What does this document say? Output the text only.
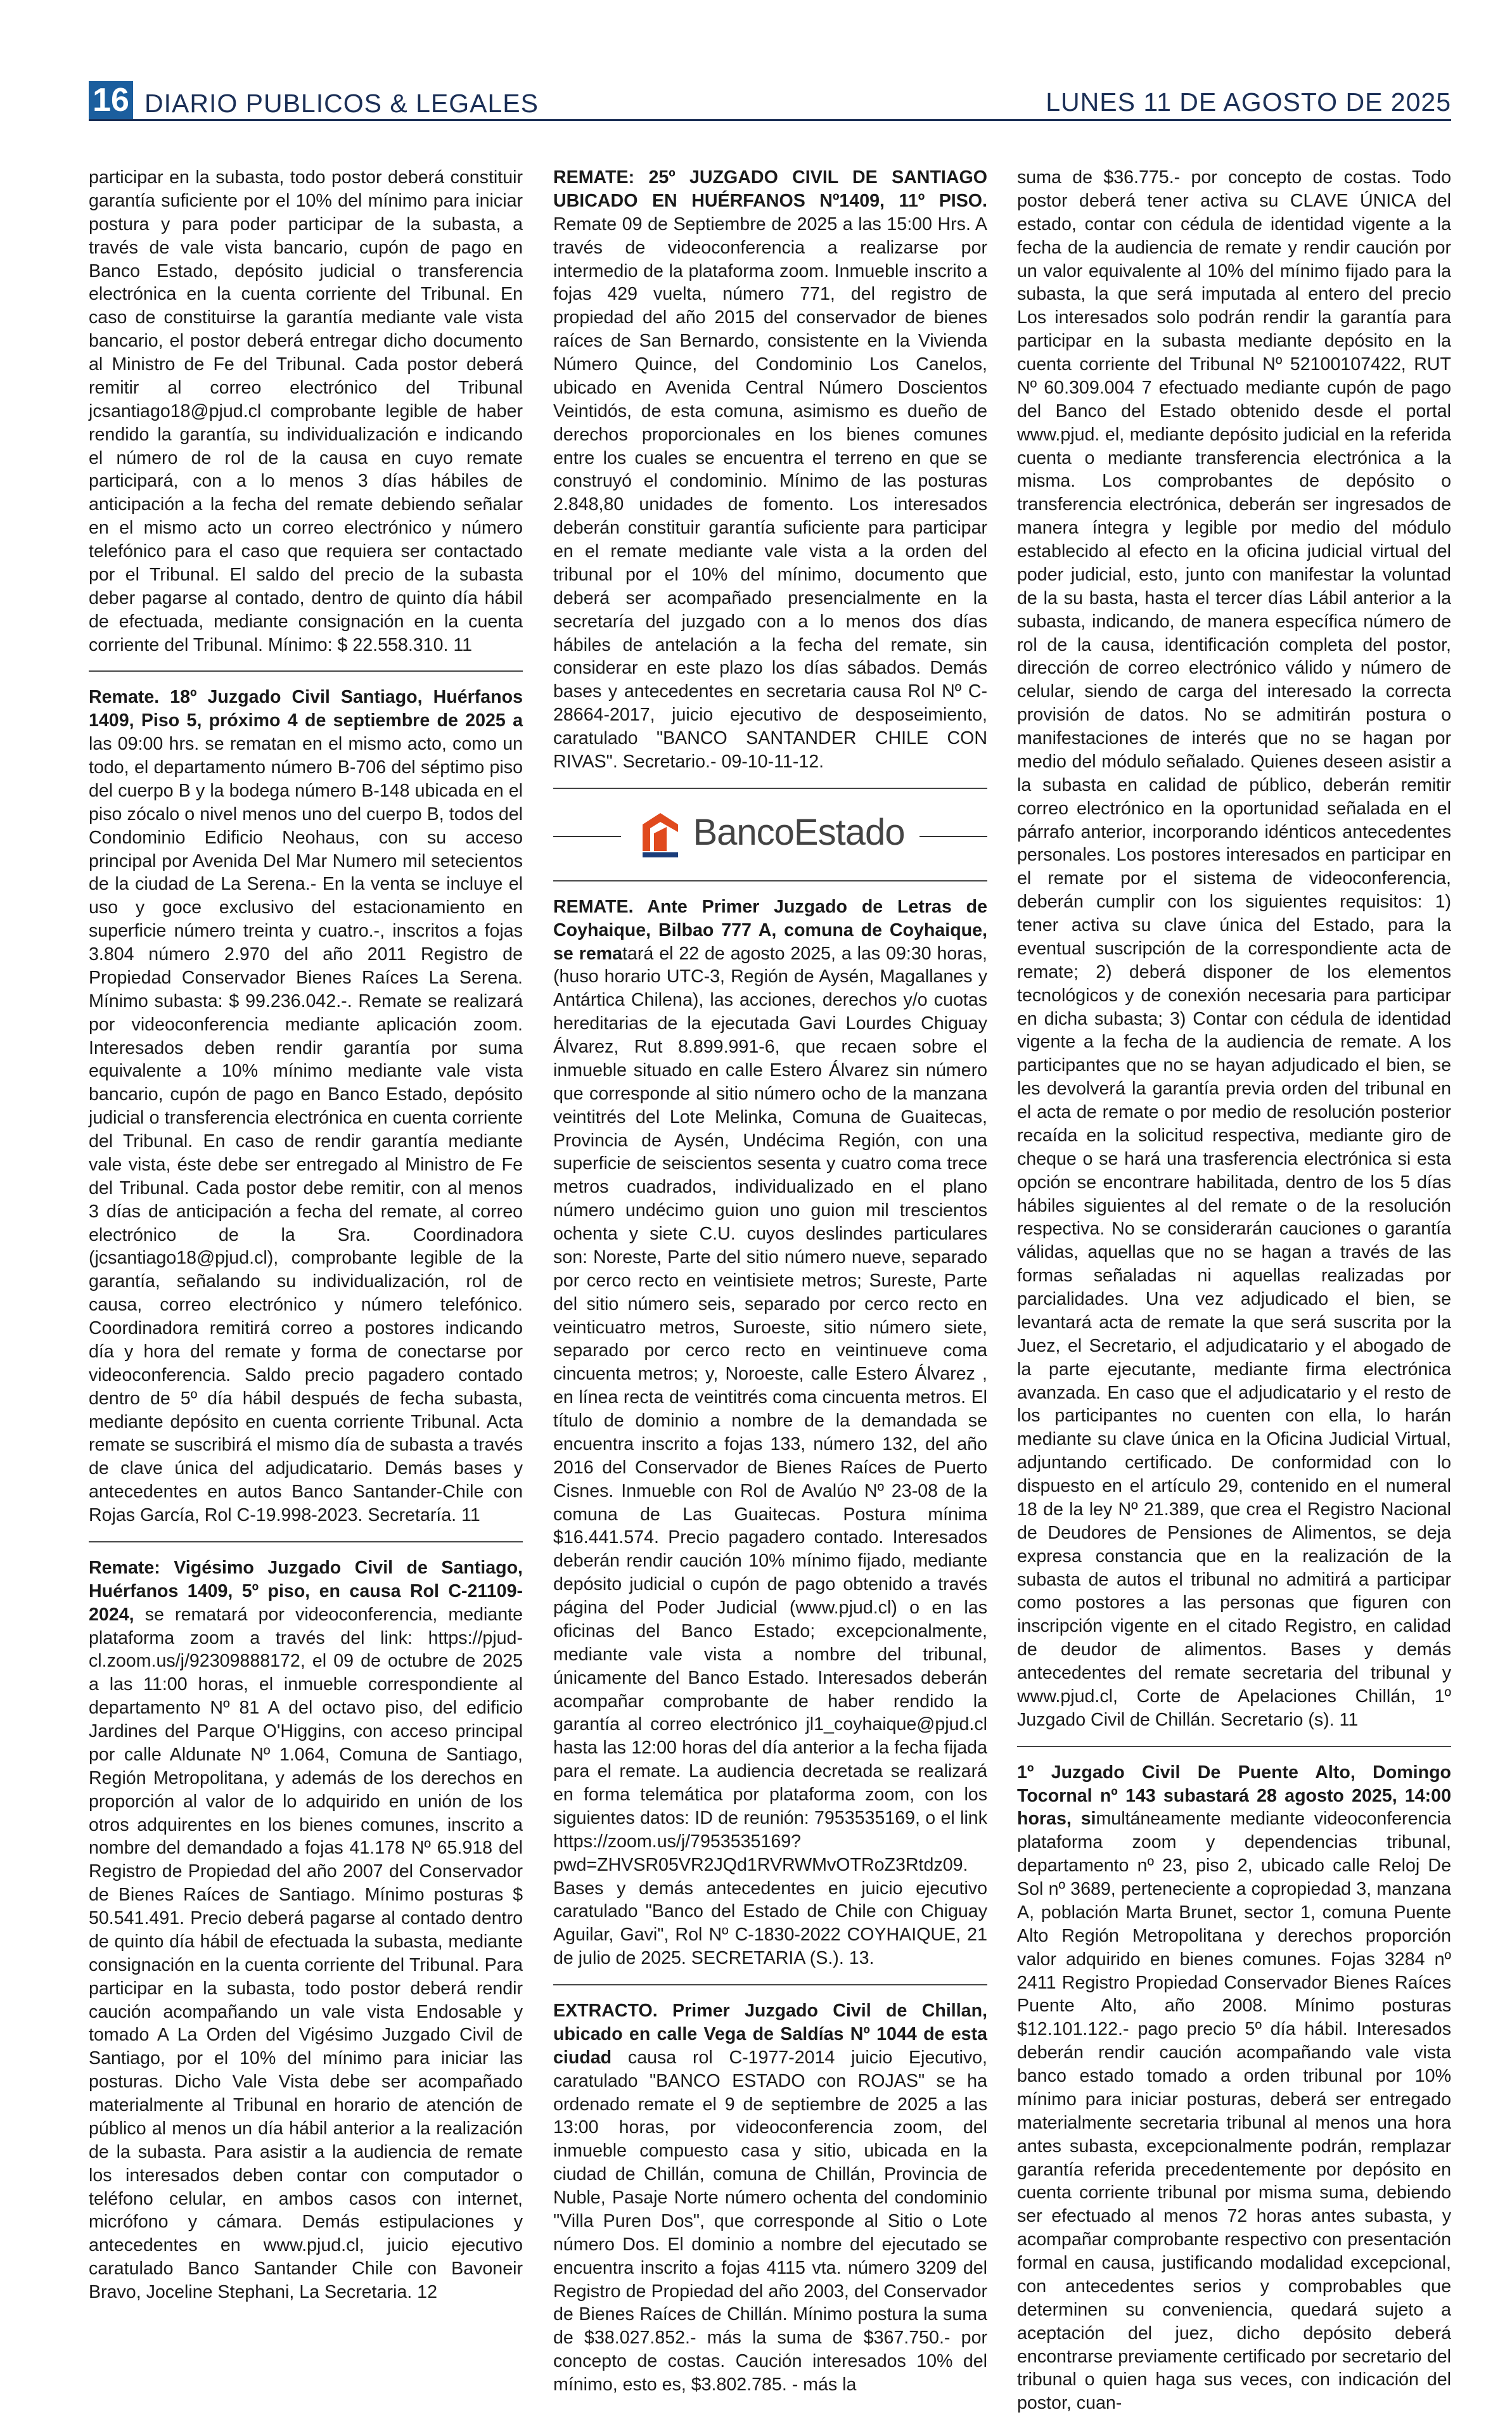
16 DIARIO PUBLICOS & LEGALES	LUNES 11 DE AGOSTO DE 2025

participar en la subasta, todo postor deberá constituir garantía suficiente por el 10% del mínimo para iniciar postura y para poder participar de la subasta, a través de vale vista bancario, cupón de pago en Banco Estado, depósito judicial o transferencia electrónica en la cuenta corriente del Tribunal. En caso de constituirse la garantía mediante vale vista bancario, el postor deberá entregar dicho documento al Ministro de Fe del Tribunal. Cada postor deberá remitir al correo electrónico del Tribunal jcsantiago18@pjud.cl comprobante legible de haber rendido la garantía, su individualización e indicando el número de rol de la causa en cuyo remate participará, con a lo menos 3 días hábiles de anticipación a la fecha del remate debiendo señalar en el mismo acto un correo electrónico y número telefónico para el caso que requiera ser contactado por el Tribunal. El saldo del precio de la subasta deber pagarse al contado, dentro de quinto día hábil de efectuada, mediante consignación en la cuenta corriente del Tribunal. Mínimo: $ 22.558.310. 11

Remate. 18º Juzgado Civil Santiago, Huérfanos 1409, Piso 5, próximo 4 de septiembre de 2025 a las 09:00 hrs. se rematan en el mismo acto, como un todo, el departamento número B-706 del séptimo piso del cuerpo B y la bodega número B-148 ubicada en el piso zócalo o nivel menos uno del cuerpo B, todos del Condominio Edificio Neohaus, con su acceso principal por Avenida Del Mar Numero mil setecientos de la ciudad de La Serena.- En la venta se incluye el uso y goce exclusivo del estacionamiento en superficie número treinta y cuatro.-, inscritos a fojas 3.804 número 2.970 del año 2011 Registro de Propiedad Conservador Bienes Raíces La Serena. Mínimo subasta: $ 99.236.042.-. Remate se realizará por videoconferencia mediante aplicación zoom. Interesados deben rendir garantía por suma equivalente a 10% mínimo mediante vale vista bancario, cupón de pago en Banco Estado, depósito judicial o transferencia electrónica en cuenta corriente del Tribunal. En caso de rendir garantía mediante vale vista, éste debe ser entregado al Ministro de Fe del Tribunal. Cada postor debe remitir, con al menos 3 días de anticipación a fecha del remate, al correo electrónico de la Sra. Coordinadora (jcsantiago18@pjud.cl), comprobante legible de la garantía, señalando su individualización, rol de causa, correo electrónico y número telefónico. Coordinadora remitirá correo a postores indicando día y hora del remate y forma de conectarse por videoconferencia. Saldo precio pagadero contado dentro de 5º día hábil después de fecha subasta, mediante depósito en cuenta corriente Tribunal. Acta remate se suscribirá el mismo día de subasta a través de clave única del adjudicatario. Demás bases y antecedentes en autos Banco Santander-Chile con Rojas García, Rol C-19.998-2023. Secretaría. 11

Remate: Vigésimo Juzgado Civil de Santiago, Huérfanos 1409, 5º piso, en causa Rol C-21109-2024, se rematará por videoconferencia, mediante plataforma zoom a través del link: https://pjud-cl.zoom.us/j/92309888172, el 09 de octubre de 2025 a las 11:00 horas, el inmueble correspondiente al departamento Nº 81 A del octavo piso, del edificio Jardines del Parque O'Higgins, con acceso principal por calle Aldunate Nº 1.064, Comuna de Santiago, Región Metropolitana, y además de los derechos en proporción al valor de lo adquirido en unión de los otros adquirentes en los bienes comunes, inscrito a nombre del demandado a fojas 41.178 Nº 65.918 del Registro de Propiedad del año 2007 del Conservador de Bienes Raíces de Santiago. Mínimo posturas $ 50.541.491. Precio deberá pagarse al contado dentro de quinto día hábil de efectuada la subasta, mediante consignación en la cuenta corriente del Tribunal. Para participar en la subasta, todo postor deberá rendir caución acompañando un vale vista Endosable y tomado A La Orden del Vigésimo Juzgado Civil de Santiago, por el 10% del mínimo para iniciar las posturas. Dicho Vale Vista debe ser acompañado materialmente al Tribunal en horario de atención de público al menos un día hábil anterior a la realización de la subasta. Para asistir a la audiencia de remate los interesados deben contar con computador o teléfono celular, en ambos casos con internet, micrófono y cámara. Demás estipulaciones y antecedentes en www.pjud.cl, juicio ejecutivo caratulado Banco Santander Chile con Bavoneir Bravo, Joceline Stephani, La Secretaria. 12

REMATE: 25º JUZGADO CIVIL DE SANTIAGO UBICADO EN HUÉRFANOS Nº1409, 11º PISO. Remate 09 de Septiembre de 2025 a las 15:00 Hrs. A través de videoconferencia a realizarse por intermedio de la plataforma zoom. Inmueble inscrito a fojas 429 vuelta, número 771, del registro de propiedad del año 2015 del conservador de bienes raíces de San Bernardo, consistente en la Vivienda Número Quince, del Condominio Los Canelos, ubicado en Avenida Central Número Doscientos Veintidós, de esta comuna, asimismo es dueño de derechos proporcionales en los bienes comunes entre los cuales se encuentra el terreno en que se construyó el condominio. Mínimo de las posturas 2.848,80 unidades de fomento. Los interesados deberán constituir garantía suficiente para participar en el remate mediante vale vista a la orden del tribunal por el 10% del mínimo, documento que deberá ser acompañado presencialmente en la secretaría del juzgado con a lo menos dos días hábiles de antelación a la fecha del remate, sin considerar en este plazo los días sábados. Demás bases y antecedentes en secretaria causa Rol Nº C-28664-2017, juicio ejecutivo de desposeimiento, caratulado "BANCO SANTANDER CHILE CON RIVAS". Secretario.- 09-10-11-12.

BancoEstado

REMATE. Ante Primer Juzgado de Letras de Coyhaique, Bilbao 777 A, comuna de Coyhaique, se rematará el 22 de agosto 2025, a las 09:30 horas, (huso horario UTC-3, Región de Aysén, Magallanes y Antártica Chilena), las acciones, derechos y/o cuotas hereditarias de la ejecutada Gavi Lourdes Chiguay Álvarez, Rut 8.899.991-6, que recaen sobre el inmueble situado en calle Estero Álvarez sin número que corresponde al sitio número ocho de la manzana veintitrés del Lote Melinka, Comuna de Guaitecas, Provincia de Aysén, Undécima Región, con una superficie de seiscientos sesenta y cuatro coma trece metros cuadrados, individualizado en el plano número undécimo guion uno guion mil trescientos ochenta y siete C.U. cuyos deslindes particulares son: Noreste, Parte del sitio número nueve, separado por cerco recto en veintisiete metros; Sureste, Parte del sitio número seis, separado por cerco recto en veinticuatro metros, Suroeste, sitio número siete, separado por cerco recto en veintinueve coma cincuenta metros; y, Noroeste, calle Estero Álvarez , en línea recta de veintitrés coma cincuenta metros. El título de dominio a nombre de la demandada se encuentra inscrito a fojas 133, número 132, del año 2016 del Conservador de Bienes Raíces de Puerto Cisnes. Inmueble con Rol de Avalúo Nº 23-08 de la comuna de Las Guaitecas. Postura mínima $16.441.574. Precio pagadero contado. Interesados deberán rendir caución 10% mínimo fijado, mediante depósito judicial o cupón de pago obtenido a través página del Poder Judicial (www.pjud.cl) o en las oficinas del Banco Estado; excepcionalmente, mediante vale vista a nombre del tribunal, únicamente del Banco Estado. Interesados deberán acompañar comprobante de haber rendido la garantía al correo electrónico jl1_coyhaique@pjud.cl hasta las 12:00 horas del día anterior a la fecha fijada para el remate. La audiencia decretada se realizará en forma telemática por plataforma zoom, con los siguientes datos: ID de reunión: 7953535169, o el link https://zoom.us/j/7953535169?pwd=ZHVSR05VR2JQd1RVRWMvOTRoZ3Rtdz09. Bases y demás antecedentes en juicio ejecutivo caratulado "Banco del Estado de Chile con Chiguay Aguilar, Gavi", Rol Nº C-1830-2022 COYHAIQUE, 21 de julio de 2025. SECRETARIA (S.). 13.

EXTRACTO. Primer Juzgado Civil de Chillan, ubicado en calle Vega de Saldías Nº 1044 de esta ciudad causa rol C-1977-2014 juicio Ejecutivo, caratulado "BANCO ESTADO con ROJAS" se ha ordenado remate el 9 de septiembre de 2025 a las 13:00 horas, por videoconferencia zoom, del inmueble compuesto casa y sitio, ubicada en la ciudad de Chillán, comuna de Chillán, Provincia de Nuble, Pasaje Norte número ochenta del condominio "Villa Puren Dos", que corresponde al Sitio o Lote número Dos. El dominio a nombre del ejecutado se encuentra inscrito a fojas 4115 vta. número 3209 del Registro de Propiedad del año 2003, del Conservador de Bienes Raíces de Chillán. Mínimo postura la suma de $38.027.852.- más la suma de $367.750.- por concepto de costas. Caución interesados 10% del mínimo, esto es, $3.802.785. - más la

suma de $36.775.- por concepto de costas. Todo postor deberá tener activa su CLAVE ÚNICA del estado, contar con cédula de identidad vigente a la fecha de la audiencia de remate y rendir caución por un valor equivalente al 10% del mínimo fijado para la subasta, la que será imputada al entero del precio Los interesados solo podrán rendir la garantía para participar en la subasta mediante depósito en la cuenta corriente del Tribunal Nº 52100107422, RUT Nº 60.309.004 7 efectuado mediante cupón de pago del Banco del Estado obtenido desde el portal www.pjud. el, mediante depósito judicial en la referida cuenta o mediante transferencia electrónica a la misma. Los comprobantes de depósito o transferencia electrónica, deberán ser ingresados de manera íntegra y legible por medio del módulo establecido al efecto en la oficina judicial virtual del poder judicial, esto, junto con manifestar la voluntad de la su basta, hasta el tercer días Lábil anterior a la subasta, indicando, de manera específica número de rol de la causa, identificación completa del postor, dirección de correo electrónico válido y número de celular, siendo de carga del interesado la correcta provisión de datos. No se admitirán postura o manifestaciones de interés que no se hagan por medio del módulo señalado. Quienes deseen asistir a la subasta en calidad de público, deberán remitir correo electrónico en la oportunidad señalada en el párrafo anterior, incorporando idénticos antecedentes personales. Los postores interesados en participar en el remate por el sistema de videoconferencia, deberán cumplir con los siguientes requisitos: 1) tener activa su clave única del Estado, para la eventual suscripción de la correspondiente acta de remate; 2) deberá disponer de los elementos tecnológicos y de conexión necesaria para participar en dicha subasta; 3) Contar con cédula de identidad vigente a la fecha de la audiencia de remate. A los participantes que no se hayan adjudicado el bien, se les devolverá la garantía previa orden del tribunal en el acta de remate o por medio de resolución posterior recaída en la solicitud respectiva, mediante giro de cheque o se hará una trasferencia electrónica si esta opción se encontrare habilitada, dentro de los 5 días hábiles siguientes al del remate o de la resolución respectiva. No se considerarán cauciones o garantía válidas, aquellas que no se hagan a través de las formas señaladas ni aquellas realizadas por parcialidades. Una vez adjudicado el bien, se levantará acta de remate la que será suscrita por la Juez, el Secretario, el adjudicatario y el abogado de la parte ejecutante, mediante firma electrónica avanzada. En caso que el adjudicatario y el resto de los participantes no cuenten con ella, lo harán mediante su clave única en la Oficina Judicial Virtual, adjuntando certificado. De conformidad con lo dispuesto en el artículo 29, contenido en el numeral 18 de la ley Nº 21.389, que crea el Registro Nacional de Deudores de Pensiones de Alimentos, se deja expresa constancia que en la realización de la subasta de autos el tribunal no admitirá a participar como postores a las personas que figuren con inscripción vigente en el citado Registro, en calidad de deudor de alimentos. Bases y demás antecedentes del remate secretaria del tribunal y www.pjud.cl, Corte de Apelaciones Chillán, 1º Juzgado Civil de Chillán. Secretario (s). 11

1º Juzgado Civil De Puente Alto, Domingo Tocornal nº 143 subastará 28 agosto 2025, 14:00 horas, simultáneamente mediante videoconferencia plataforma zoom y dependencias tribunal, departamento nº 23, piso 2, ubicado calle Reloj De Sol nº 3689, perteneciente a copropiedad 3, manzana A, población Marta Brunet, sector 1, comuna Puente Alto Región Metropolitana y derechos proporción valor adquirido en bienes comunes. Fojas 3284 nº 2411 Registro Propiedad Conservador Bienes Raíces Puente Alto, año 2008. Mínimo posturas $12.101.122.- pago precio 5º día hábil. Interesados deberán rendir caución acompañando vale vista banco estado tomado a orden tribunal por 10% mínimo para iniciar posturas, deberá ser entregado materialmente secretaria tribunal al menos una hora antes subasta, excepcionalmente podrán, remplazar garantía referida precedentemente por depósito en cuenta corriente tribunal por misma suma, debiendo ser efectuado al menos 72 horas antes subasta, y acompañar comprobante respectivo con presentación formal en causa, justificando modalidad excepcional, con antecedentes serios y comprobables que determinen su conveniencia, quedará sujeto a aceptación del juez, dicho depósito deberá encontrarse previamente certificado por secretario del tribunal o quien haga sus veces, con indicación del postor, cuan-
